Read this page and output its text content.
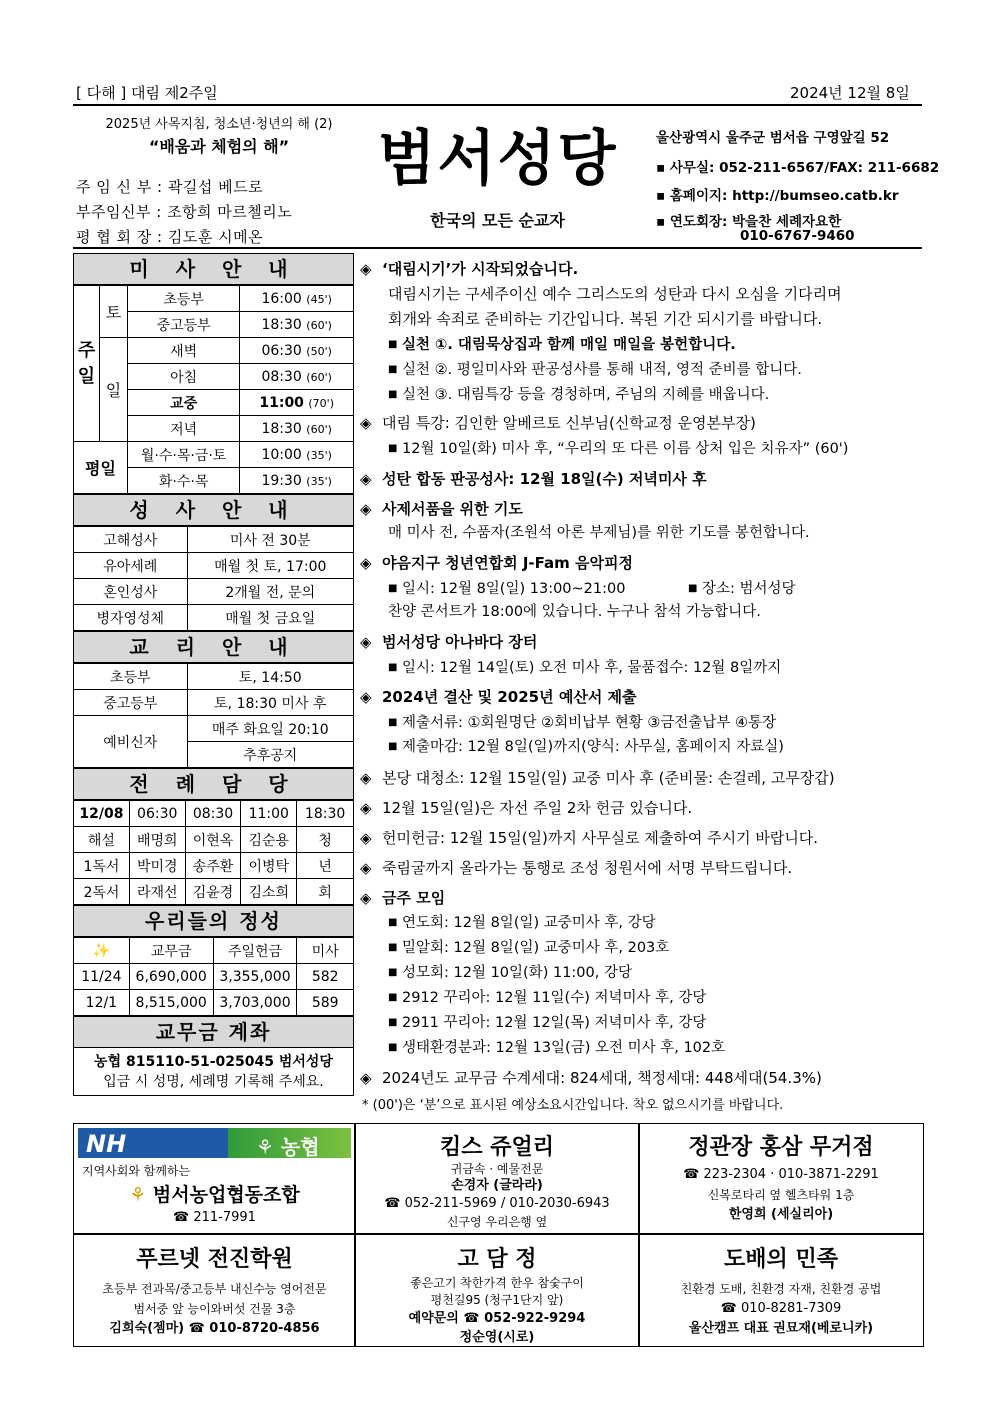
[ 다해 ] 대림 제2주일	2024년 12월 8일
2025년 사목지침, 청소년·청년의 해 (2)
“배움과 체험의 해”
주 임 신 부 : 곽길섭 베드로
부주임신부 : 조항희 마르첼리노
평 협 회 장 : 김도훈 시메온
범서성당
한국의 모든 순교자
울산광역시 울주군 범서읍 구영앞길 52
▪ 사무실: 052-211-6567/FAX: 211-6682
▪ 홈페이지: http://bumseo.catb.kr
▪ 연도회장: 박을찬 세례자요한
010-6767-9460
미 사 안 내
주일	토	초등부	16:00 (45')
		중고등부	18:30 (60')
	일	새벽	06:30 (50')
		아침	08:30 (60')
		교중	11:00 (70')
		저녁	18:30 (60')
평일		월·수·목·금·토	10:00 (35')
		화·수·목	19:30 (35')
성 사 안 내
고해성사	미사 전 30분
유아세례	매월 첫 토, 17:00
혼인성사	2개월 전, 문의
병자영성체	매월 첫 금요일
교 리 안 내
초등부	토, 14:50
중고등부	토, 18:30 미사 후
예비신자	매주 화요일 20:10
	추후공지
전 례 담 당
12/08	06:30	08:30	11:00	18:30
해설	배명희	이현옥	김순용	청
1독서	박미경	송주환	이병탁	년
2독서	라재선	김윤경	김소희	회
우리들의 정성
✨	교무금	주일헌금	미사
11/24	6,690,000	3,355,000	582
12/1	8,515,000	3,703,000	589
교무금 계좌
농협 815110-51-025045 범서성당
입금 시 성명, 세례명 기록해 주세요.
◈ ‘대림시기’가 시작되었습니다.
대림시기는 구세주이신 예수 그리스도의 성탄과 다시 오심을 기다리며
회개와 속죄로 준비하는 기간입니다. 복된 기간 되시기를 바랍니다.
■ 실천 ①. 대림묵상집과 함께 매일 매일을 봉헌합니다.
■ 실천 ②. 평일미사와 판공성사를 통해 내적, 영적 준비를 합니다.
■ 실천 ③. 대림특강 등을 경청하며, 주님의 지혜를 배웁니다.
◈ 대림 특강: 김인한 알베르토 신부님(신학교정 운영본부장)
■ 12월 10일(화) 미사 후, “우리의 또 다른 이름 상처 입은 치유자” (60')
◈ 성탄 합동 판공성사: 12월 18일(수) 저녁미사 후
◈ 사제서품을 위한 기도
매 미사 전, 수품자(조원석 아론 부제님)를 위한 기도를 봉헌합니다.
◈ 야음지구 청년연합회 J-Fam 음악피정
■ 일시: 12월 8일(일) 13:00~21:00	■ 장소: 범서성당
찬양 콘서트가 18:00에 있습니다. 누구나 참석 가능합니다.
◈ 범서성당 아나바다 장터
■ 일시: 12월 14일(토) 오전 미사 후, 물품접수: 12월 8일까지
◈ 2024년 결산 및 2025년 예산서 제출
■ 제출서류: ①회원명단 ②회비납부 현황 ③금전출납부 ④통장
■ 제출마감: 12월 8일(일)까지(양식: 사무실, 홈페이지 자료실)
◈ 본당 대청소: 12월 15일(일) 교중 미사 후 (준비물: 손걸레, 고무장갑)
◈ 12월 15일(일)은 자선 주일 2차 헌금 있습니다.
◈ 헌미헌금: 12월 15일(일)까지 사무실로 제출하여 주시기 바랍니다.
◈ 죽림굴까지 올라가는 통행로 조성 청원서에 서명 부탁드립니다.
◈ 금주 모임
■ 연도회: 12월 8일(일) 교중미사 후, 강당
■ 밀알회: 12월 8일(일) 교중미사 후, 203호
■ 성모회: 12월 10일(화) 11:00, 강당
■ 2912 꾸리아: 12월 11일(수) 저녁미사 후, 강당
■ 2911 꾸리아: 12월 12일(목) 저녁미사 후, 강당
■ 생태환경분과: 12월 13일(금) 오전 미사 후, 102호
◈ 2024년도 교무금 수계세대: 824세대, 책정세대: 448세대(54.3%)
* (00')은 ‘분’으로 표시된 예상소요시간입니다. 착오 없으시기를 바랍니다.
NH	⚘ 농협
지역사회와 함께하는
⚘ 범서농업협동조합
☎ 211-7991
킴스 쥬얼리
귀금속 · 예물전문
손경자 (글라라)
☎ 052-211-5969 / 010-2030-6943
신구영 우리은행 옆
정관장 홍삼 무거점
☎ 223-2304 · 010-3871-2291
신복로타리 옆 헬츠타워 1층
한영희 (세실리아)
푸르넷 전진학원
초등부 전과목/중고등부 내신수능 영어전문
범서중 앞 능이와버섯 건물 3층
김희숙(젬마) ☎ 010-8720-4856
고 담 정
좋은고기 착한가격 한우 참숯구이
평천길95 (청구1단지 앞)
예약문의 ☎ 052-922-9294
정순영(시로)
도배의 민족
친환경 도배, 친환경 자재, 친환경 공법
☎ 010-8281-7309
울산캠프 대표 권묘재(베로니카)
